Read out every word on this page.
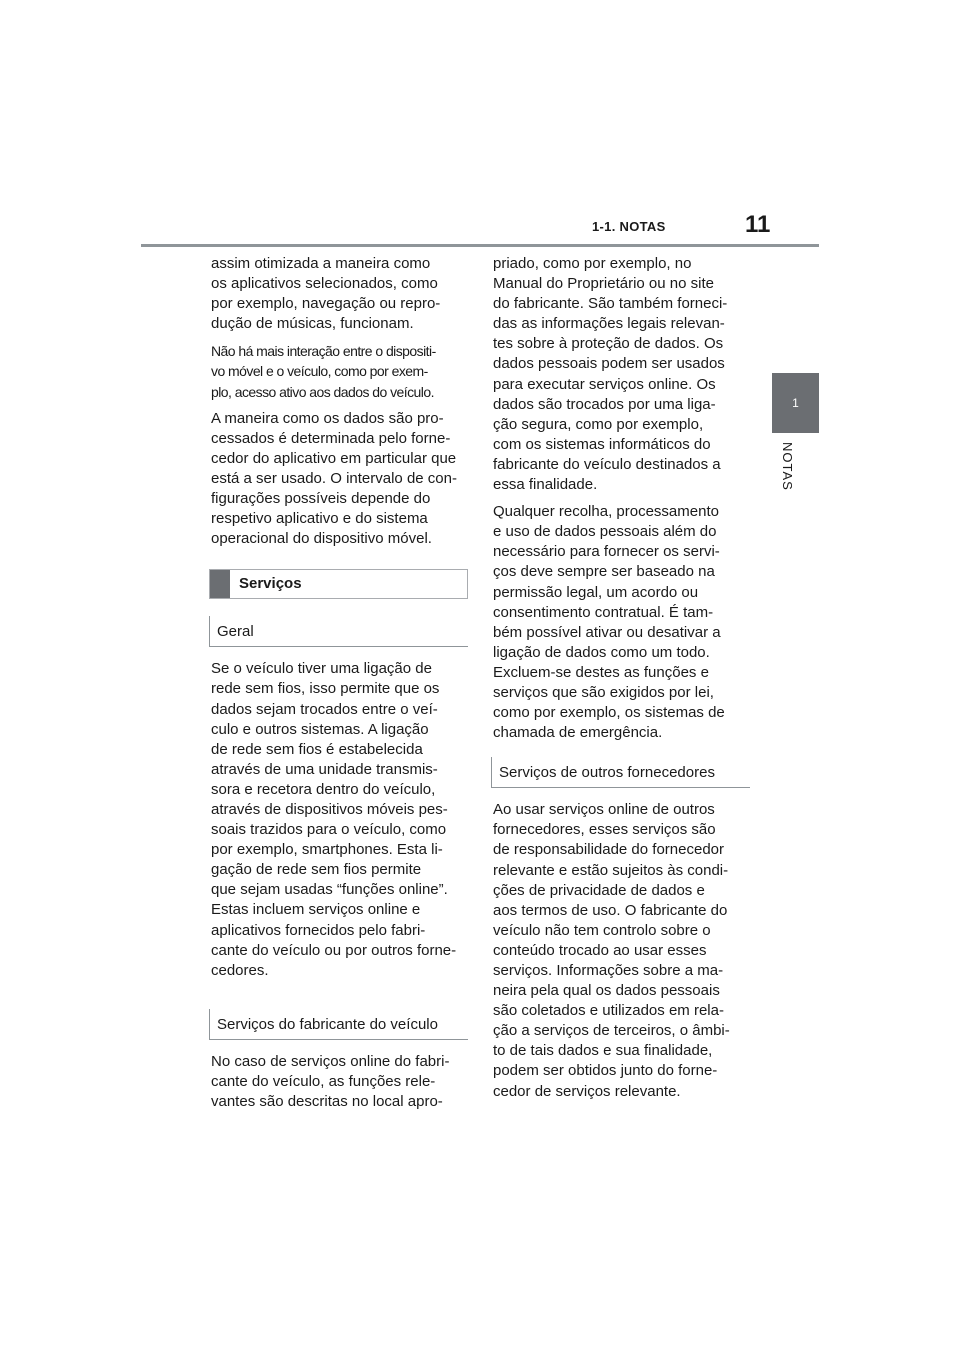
1-1. NOTAS	11
1
NOTAS

assim otimizada a maneira como
os aplicativos selecionados, como
por exemplo, navegação ou repro-
dução de músicas, funcionam.

Não há mais interação entre o dispositi-
vo móvel e o veículo, como por exem-
plo, acesso ativo aos dados do veículo.

A maneira como os dados são pro-
cessados é determinada pelo forne-
cedor do aplicativo em particular que
está a ser usado. O intervalo de con-
figurações possíveis depende do
respetivo aplicativo e do sistema
operacional do dispositivo móvel.

Serviços
Geral

Se o veículo tiver uma ligação de
rede sem fios, isso permite que os
dados sejam trocados entre o veí-
culo e outros sistemas. A ligação
de rede sem fios é estabelecida
através de uma unidade transmis-
sora e recetora dentro do veículo,
através de dispositivos móveis pes-
soais trazidos para o veículo, como
por exemplo, smartphones. Esta li-
gação de rede sem fios permite
que sejam usadas “funções online”.
Estas incluem serviços online e
aplicativos fornecidos pelo fabri-
cante do veículo ou por outros forne-
cedores.

Serviços do fabricante do veículo

No caso de serviços online do fabri-
cante do veículo, as funções rele-
vantes são descritas no local apro-

priado, como por exemplo, no
Manual do Proprietário ou no site
do fabricante. São também forneci-
das as informações legais relevan-
tes sobre à proteção de dados. Os
dados pessoais podem ser usados
para executar serviços online. Os
dados são trocados por uma liga-
ção segura, como por exemplo,
com os sistemas informáticos do
fabricante do veículo destinados a
essa finalidade.

Qualquer recolha, processamento
e uso de dados pessoais além do
necessário para fornecer os servi-
ços deve sempre ser baseado na
permissão legal, um acordo ou
consentimento contratual. É tam-
bém possível ativar ou desativar a
ligação de dados como um todo.
Excluem-se destes as funções e
serviços que são exigidos por lei,
como por exemplo, os sistemas de
chamada de emergência.

Serviços de outros fornecedores

Ao usar serviços online de outros
fornecedores, esses serviços são
de responsabilidade do fornecedor
relevante e estão sujeitos às condi-
ções de privacidade de dados e
aos termos de uso. O fabricante do
veículo não tem controlo sobre o
conteúdo trocado ao usar esses
serviços. Informações sobre a ma-
neira pela qual os dados pessoais
são coletados e utilizados em rela-
ção a serviços de terceiros, o âmbi-
to de tais dados e sua finalidade,
podem ser obtidos junto do forne-
cedor de serviços relevante.
